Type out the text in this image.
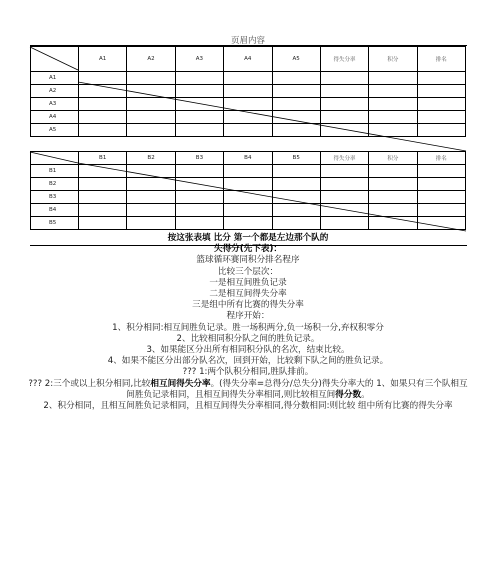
页眉内容
	A1	A2	A3	A4	A5	得失分率	积分	排名
A1								
A2								
A3								
A4								
A5								
	B1	B2	B3	B4	B5	得失分率	积分	排名
B1								
B2								
B3								
B4								
B5								
按这张表填 比分 第一个都是左边那个队的
失得分(先下表)：
篮球循环赛同积分排名程序
比较三个层次：
一是相互间胜负记录
二是相互间得失分率
三是组中所有比赛的得失分率
程序开始：
1、积分相同:相互间胜负记录。胜一场积两分,负一场积一分,弃权积零分
2、比较相同积分队之间的胜负记录。
3、如果能区分出所有相同积分队的名次，结束比较。
4、如果不能区分出部分队名次，回到开始，比较剩下队之间的胜负记录。
??? 1:两个队积分相同,胜队排前。
??? 2:三个或以上积分相同,比较相互间得失分率。(得失分率=总得分/总失分)得失分率大的 1、如果只有三个队相互间胜负记录相同，且相互间得失分率相同,则比较相互间得分数。
2、积分相同，且相互间胜负记录相同，且相互间得失分率相同,得分数相同:则比较 组中所有比赛的得失分率
